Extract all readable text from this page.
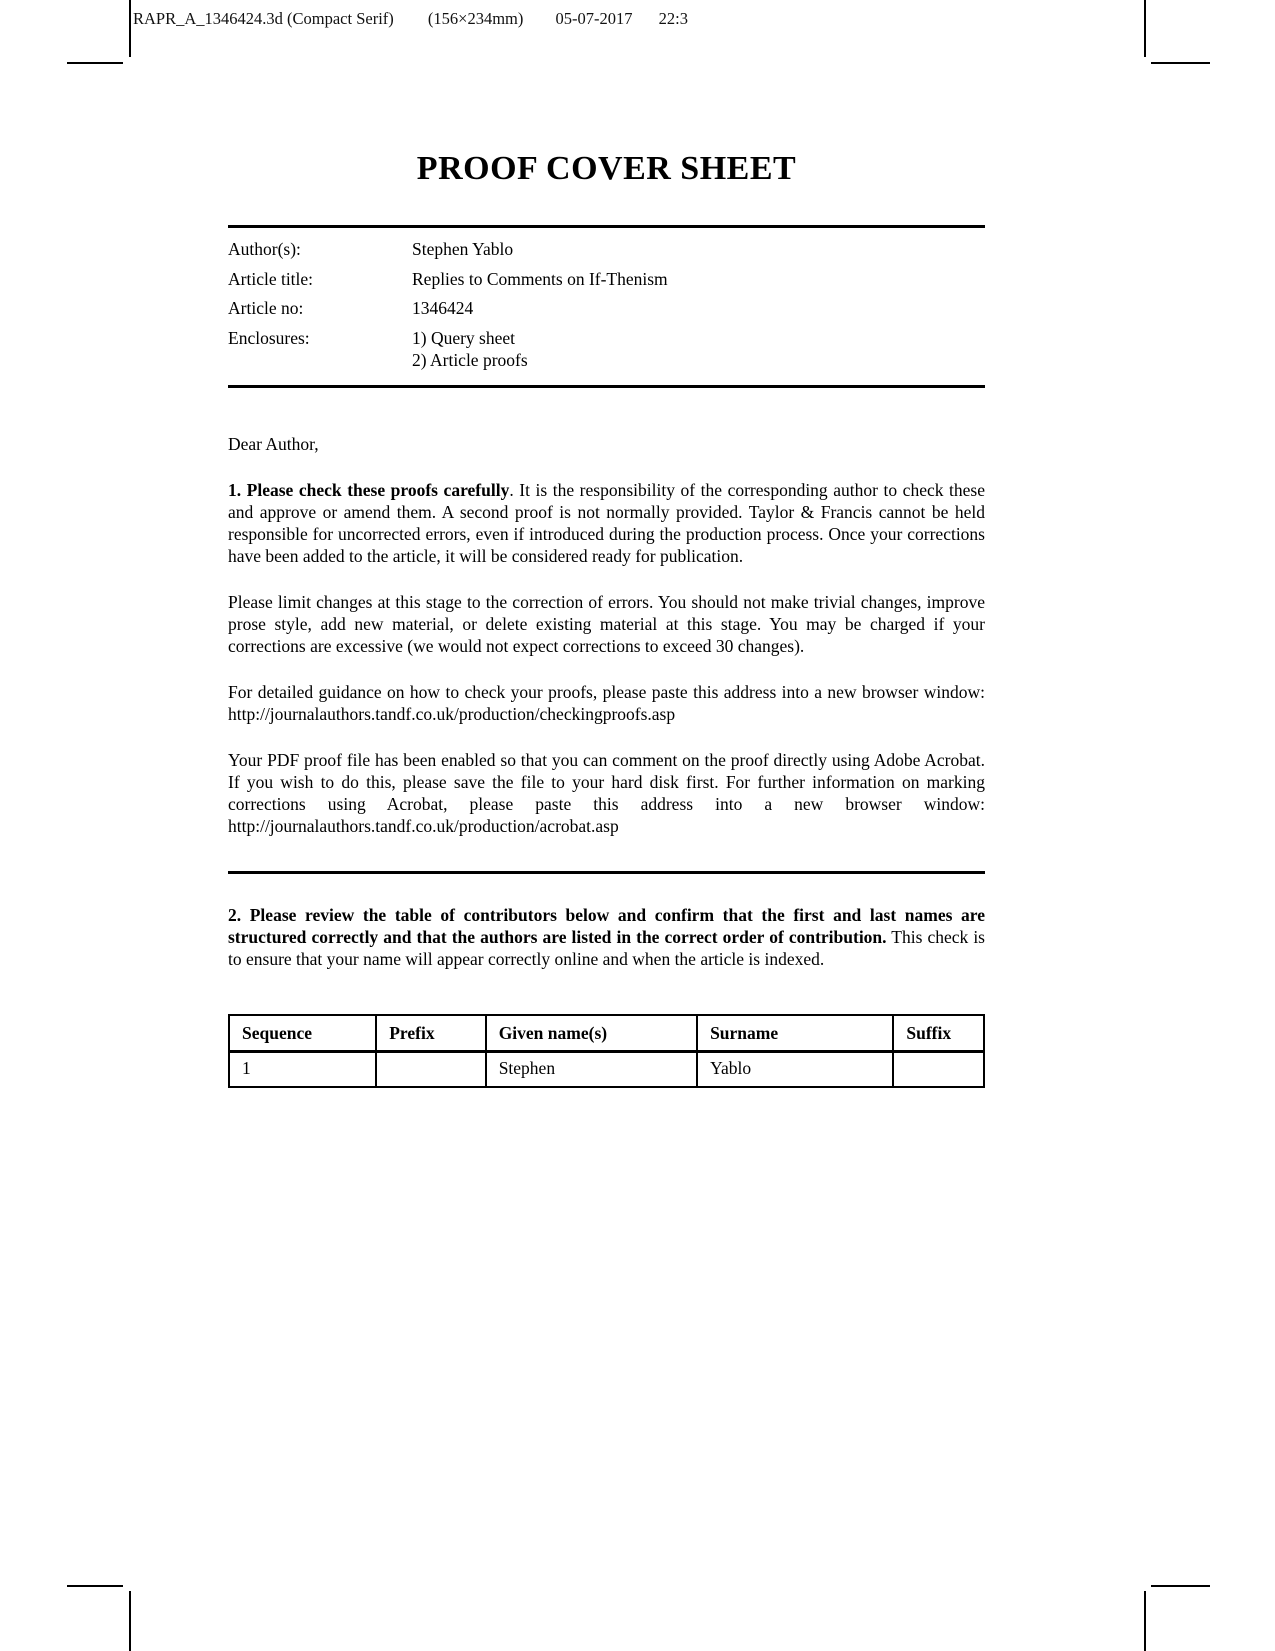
RAPR_A_1346424.3d (Compact Serif) (156×234mm) 05-07-2017 22:3
PROOF COVER SHEET
Author(s):	Stephen Yablo
Article title:	Replies to Comments on If-Thenism
Article no:	1346424
Enclosures:	1) Query sheet
2) Article proofs
Dear Author,

1. Please check these proofs carefully. It is the responsibility of the corresponding author to check these and approve or amend them. A second proof is not normally provided. Taylor & Francis cannot be held responsible for uncorrected errors, even if introduced during the production process. Once your corrections have been added to the article, it will be considered ready for publication.

Please limit changes at this stage to the correction of errors. You should not make trivial changes, improve prose style, add new material, or delete existing material at this stage. You may be charged if your corrections are excessive (we would not expect corrections to exceed 30 changes).

For detailed guidance on how to check your proofs, please paste this address into a new browser window: http://journalauthors.tandf.co.uk/production/checkingproofs.asp

Your PDF proof file has been enabled so that you can comment on the proof directly using Adobe Acrobat. If you wish to do this, please save the file to your hard disk first. For further information on marking corrections using Acrobat, please paste this address into a new browser window: http://journalauthors.tandf.co.uk/production/acrobat.asp

2. Please review the table of contributors below and confirm that the first and last names are structured correctly and that the authors are listed in the correct order of contribution. This check is to ensure that your name will appear correctly online and when the article is indexed.

Sequence	Prefix	Given name(s)	Surname	Suffix
1		Stephen	Yablo	
